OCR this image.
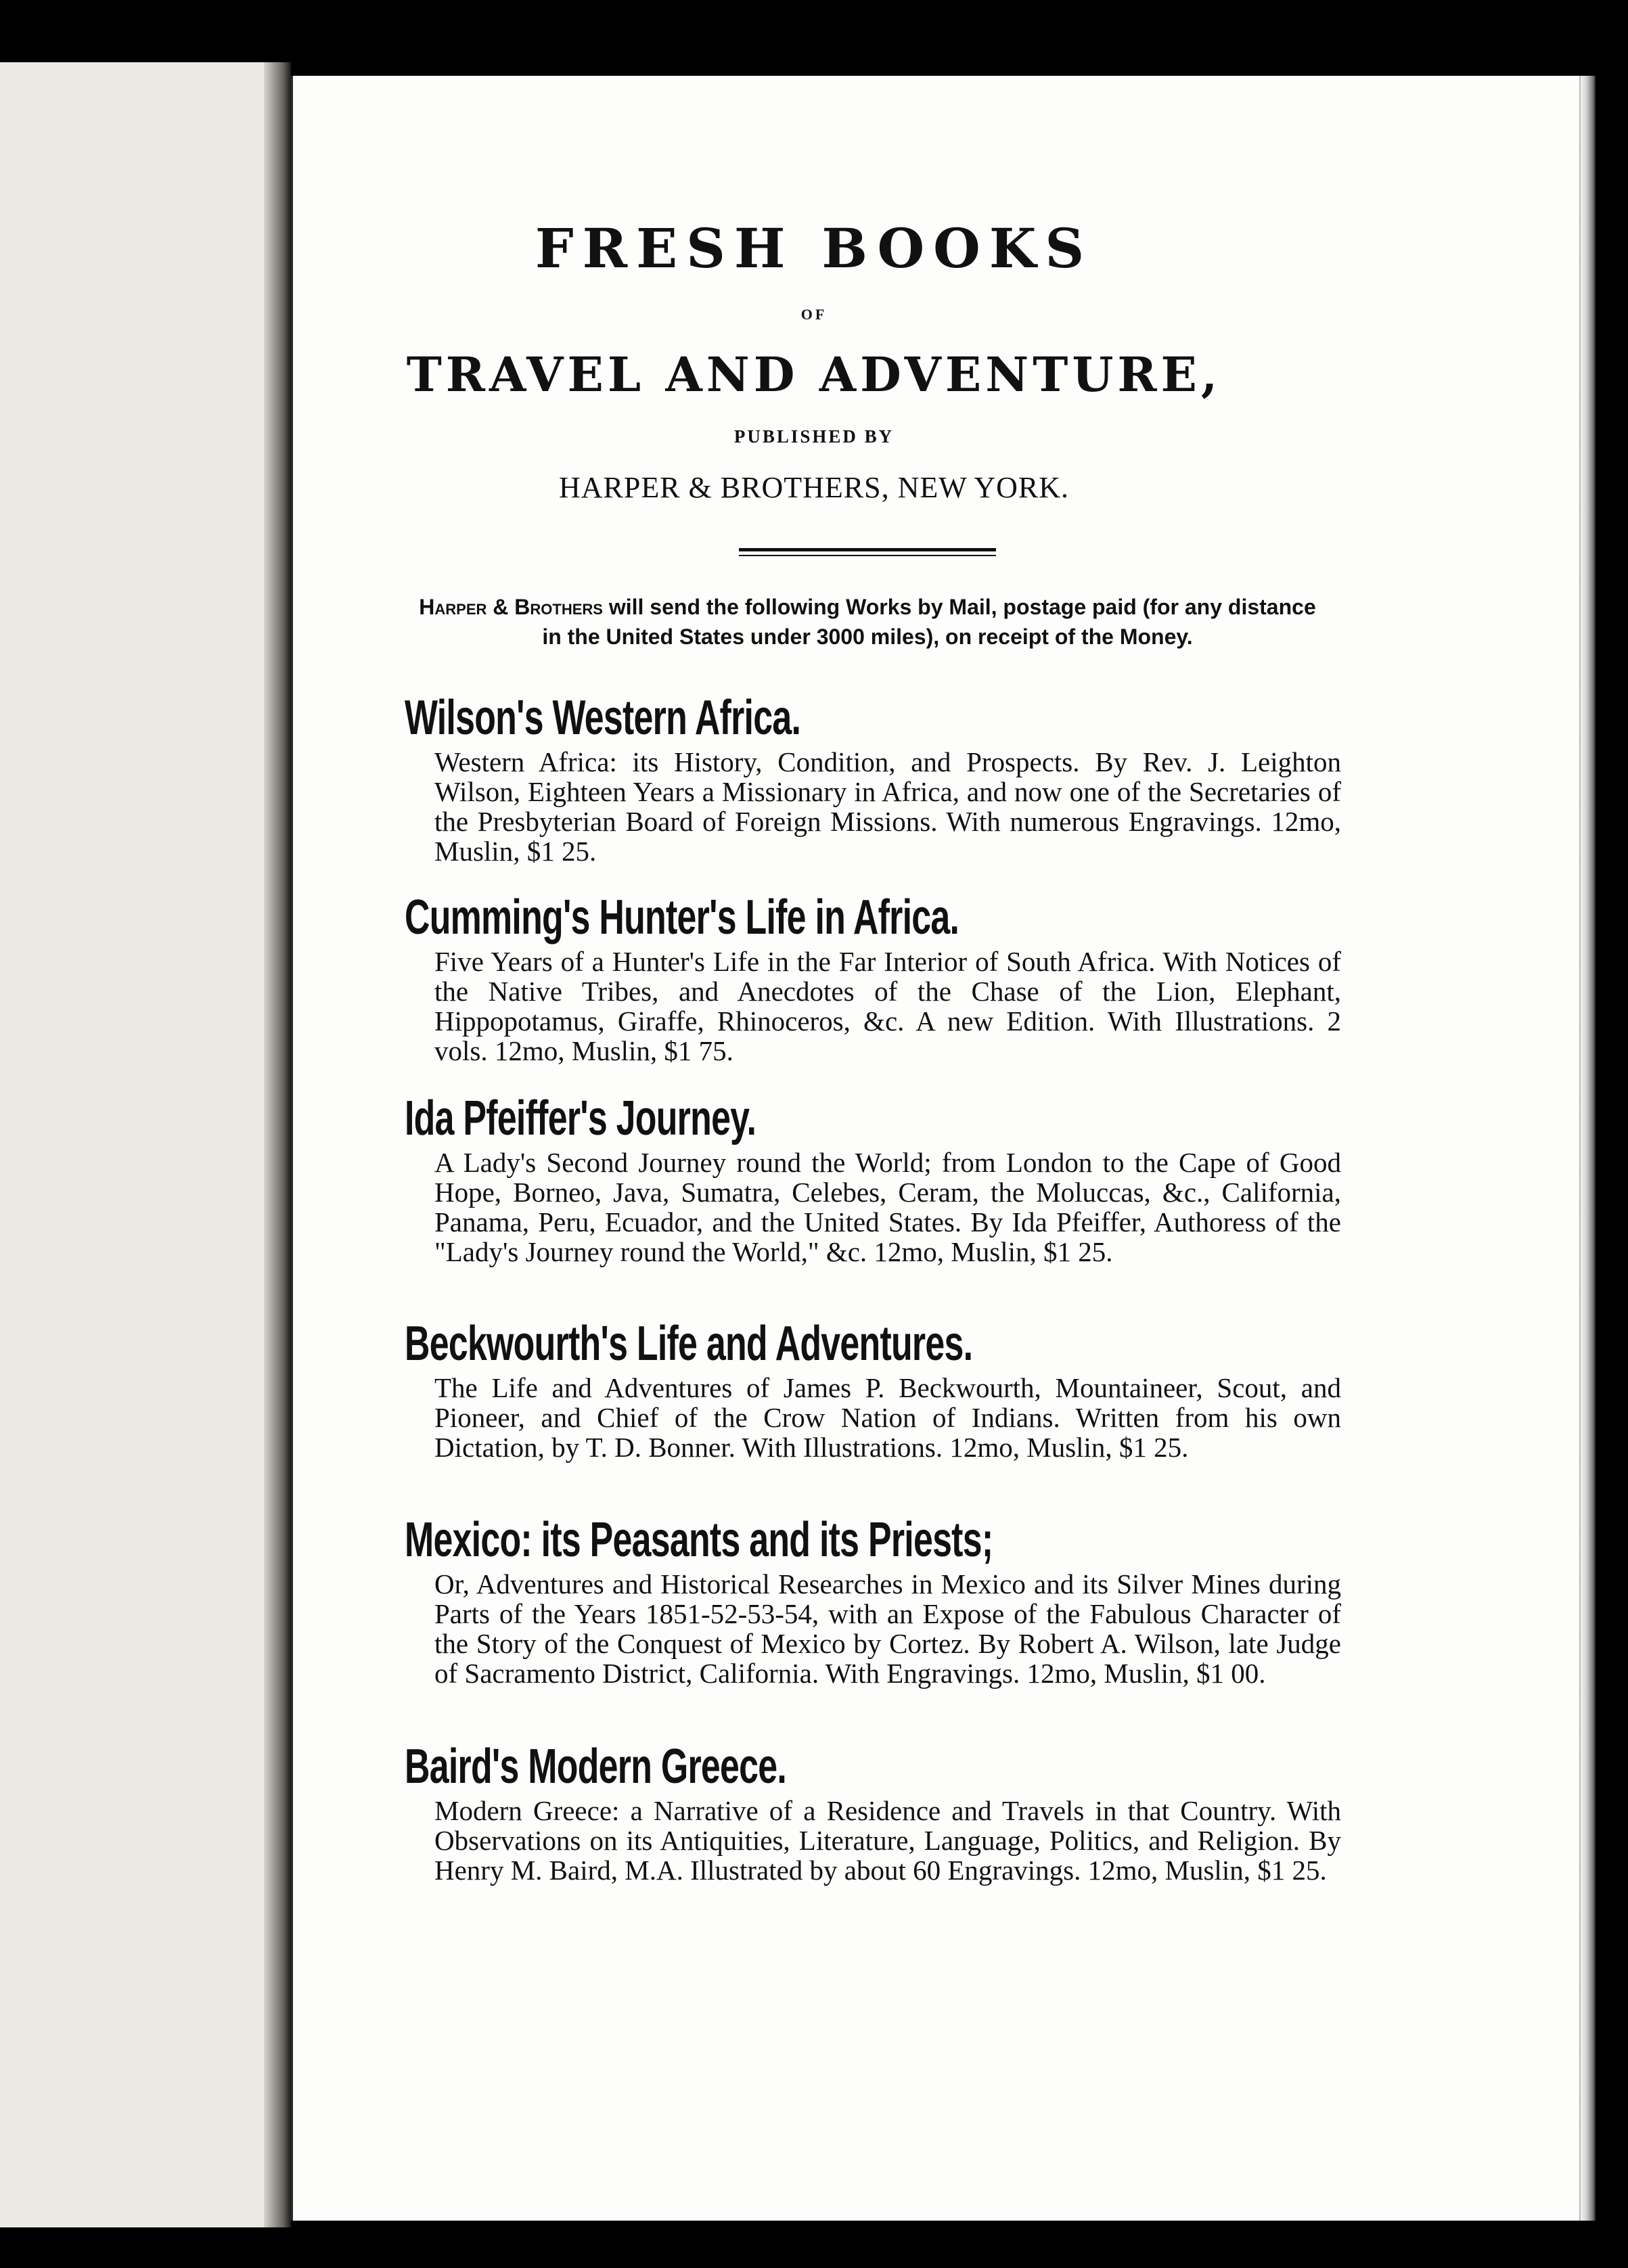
FRESH BOOKS
OF
TRAVEL AND ADVENTURE,
PUBLISHED BY
HARPER & BROTHERS, NEW YORK.

Harper & Brothers will send the following Works by Mail, postage paid (for any distance in the United States under 3000 miles), on receipt of the Money.

Wilson's Western Africa.

Western Africa: its History, Condition, and Prospects. By Rev. J. Leighton Wilson, Eighteen Years a Missionary in Africa, and now one of the Secretaries of the Presbyterian Board of Foreign Missions. With numerous Engravings. 12mo, Muslin, $1 25.

Cumming's Hunter's Life in Africa.

Five Years of a Hunter's Life in the Far Interior of South Africa. With Notices of the Native Tribes, and Anecdotes of the Chase of the Lion, Elephant, Hippopotamus, Giraffe, Rhinoceros, &c. A new Edition. With Illustrations. 2 vols. 12mo, Muslin, $1 75.

Ida Pfeiffer's Journey.

A Lady's Second Journey round the World; from London to the Cape of Good Hope, Borneo, Java, Sumatra, Celebes, Ceram, the Moluccas, &c., California, Panama, Peru, Ecuador, and the United States. By Ida Pfeiffer, Authoress of the "Lady's Journey round the World," &c. 12mo, Muslin, $1 25.

Beckwourth's Life and Adventures.

The Life and Adventures of James P. Beckwourth, Mountaineer, Scout, and Pioneer, and Chief of the Crow Nation of Indians. Written from his own Dictation, by T. D. Bonner. With Illustrations. 12mo, Muslin, $1 25.

Mexico: its Peasants and its Priests;

Or, Adventures and Historical Researches in Mexico and its Silver Mines during Parts of the Years 1851-52-53-54, with an Expose of the Fabulous Character of the Story of the Conquest of Mexico by Cortez. By Robert A. Wilson, late Judge of Sacramento District, California. With Engravings. 12mo, Muslin, $1 00.

Baird's Modern Greece.

Modern Greece: a Narrative of a Residence and Travels in that Country. With Observations on its Antiquities, Literature, Language, Politics, and Religion. By Henry M. Baird, M.A. Illustrated by about 60 Engravings. 12mo, Muslin, $1 25.
